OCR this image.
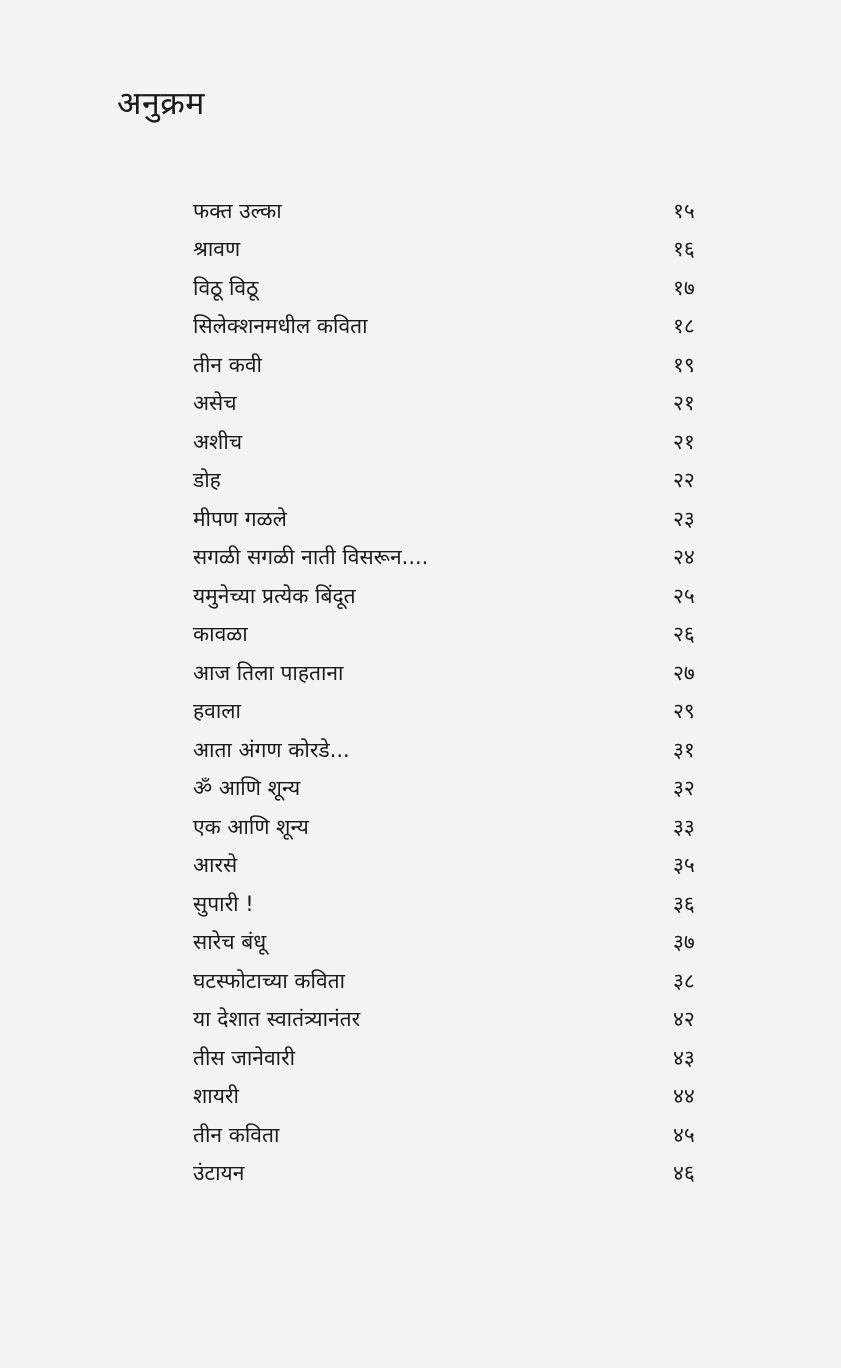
अनुक्रम
फक्त उल्का	१५
श्रावण	१६
विठू विठू	१७
सिलेक्शनमधील कविता	१८
तीन कवी	१९
असेच	२१
अशीच	२१
डोह	२२
मीपण गळले	२३
सगळी सगळी नाती विसरून....	२४
यमुनेच्या प्रत्येक बिंदूत	२५
कावळा	२६
आज तिला पाहताना	२७
हवाला	२९
आता अंगण कोरडे...	३१
ॐ आणि शून्य	३२
एक आणि शून्य	३३
आरसे	३५
सुपारी !	३६
सारेच बंधू	३७
घटस्फोटाच्या कविता	३८
या देशात स्वातंत्र्यानंतर	४२
तीस जानेवारी	४३
शायरी	४४
तीन कविता	४५
उंटायन	४६
